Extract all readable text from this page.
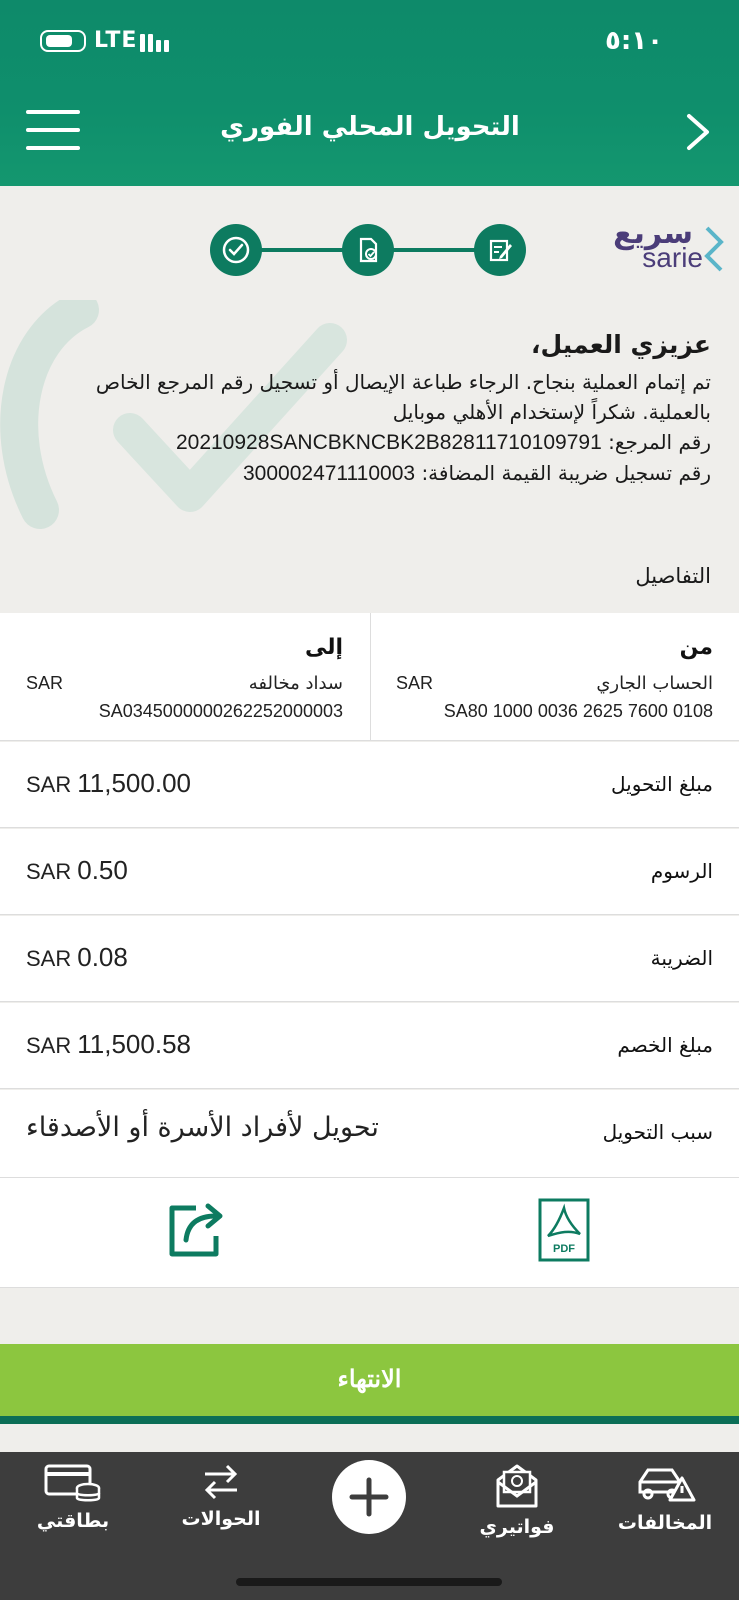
LTE	٥:١٠
التحويل المحلي الفوري
سريع
sarie
عزيزي العميل،
تم إتمام العملية بنجاح. الرجاء طباعة الإيصال أو تسجيل رقم المرجع الخاص
بالعملية. شكراً لإستخدام الأهلي موبايل
رقم المرجع: 20210928SANCBKNCBK2B82811710109791
رقم تسجيل ضريبة القيمة المضافة: 300002471110003
التفاصيل
من
الحساب الجاري
SAR
SA80 1000 0036 2625 7600 0108
إلى
سداد مخالفه
SAR
SA0345000000262252000003
مبلغ التحويل
SAR 11,500.00
الرسوم
SAR 0.50
الضريبة
SAR 0.08
مبلغ الخصم
SAR 11,500.58
سبب التحويل
تحويل لأفراد الأسرة أو الأصدقاء
PDF
الانتهاء
المخالفات
فواتيري
الحوالات
بطاقتي
